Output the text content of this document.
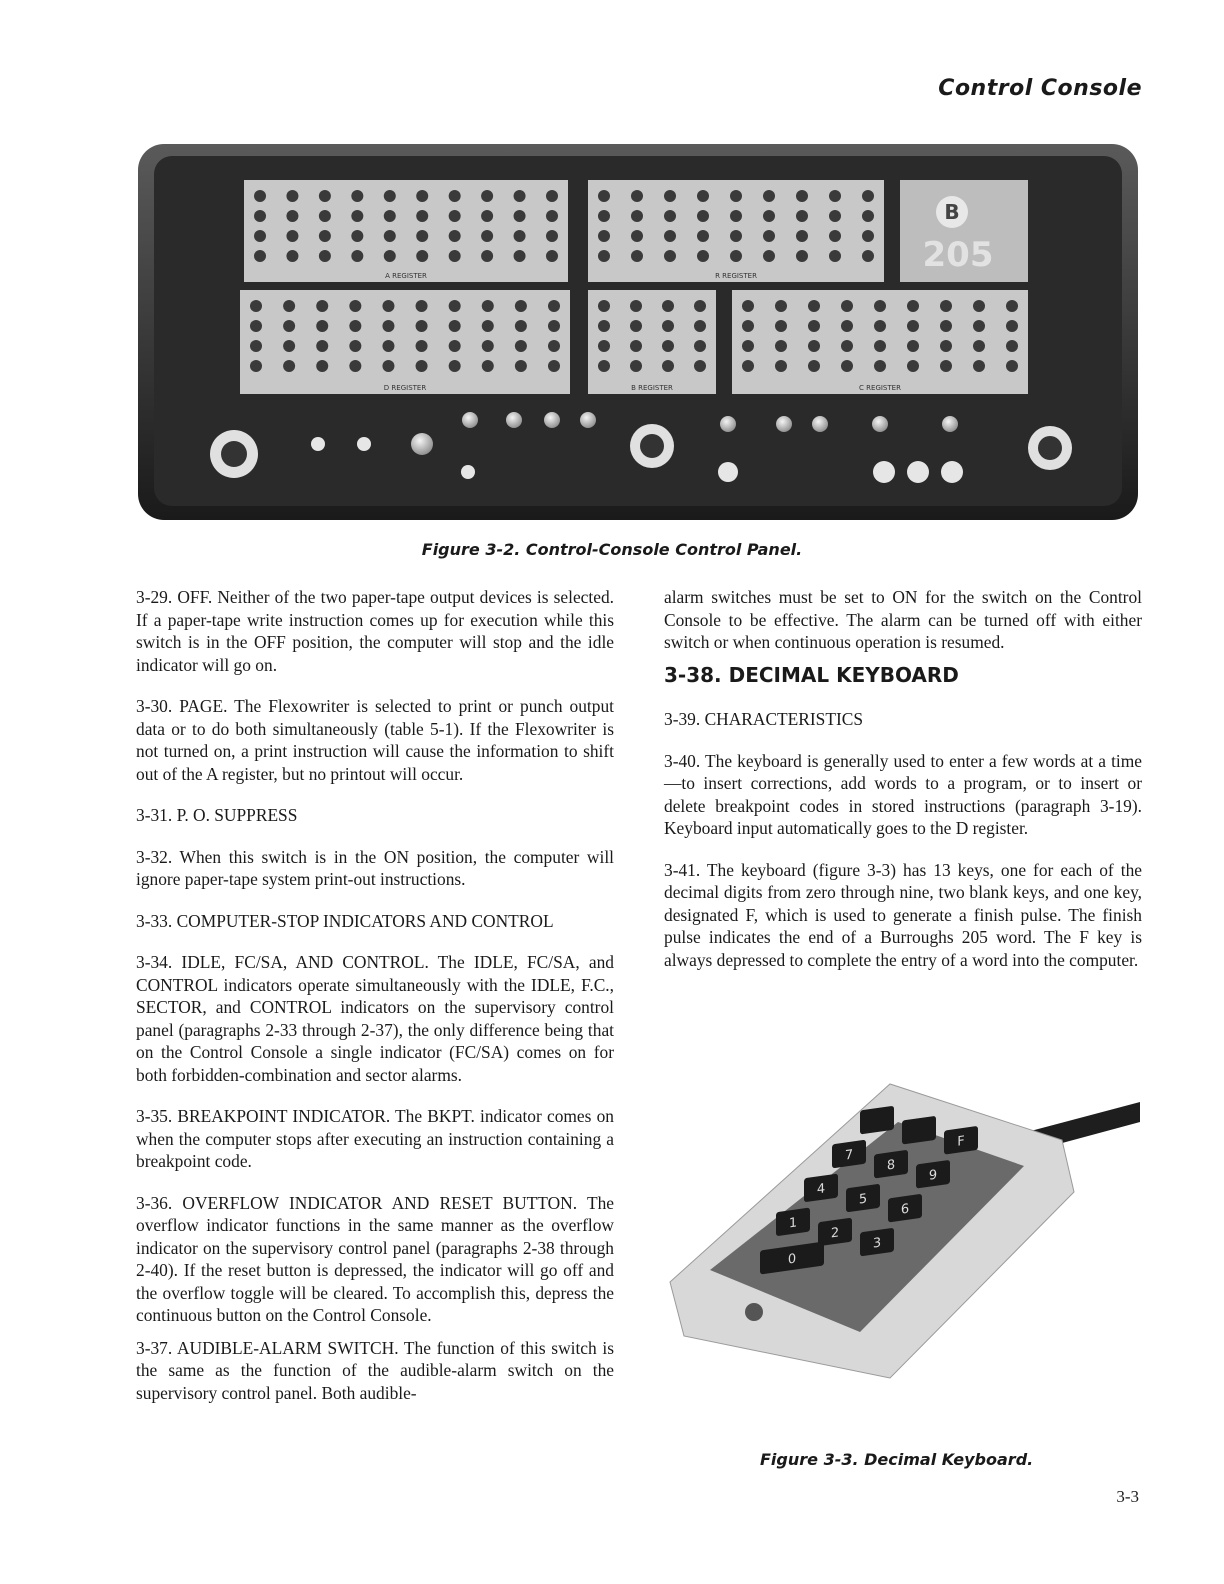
Control Console
A REGISTER	R REGISTER
D REGISTER	B REGISTER	C REGISTER
B
205
Figure 3-2. Control-Console Control Panel.

3-29. OFF. Neither of the two paper-tape output devices is selected. If a paper-tape write instruction comes up for execution while this switch is in the OFF position, the computer will stop and the idle indicator will go on.

3-30. PAGE. The Flexowriter is selected to print or punch output data or to do both simultaneously (table 5-1). If the Flexowriter is not turned on, a print instruction will cause the information to shift out of the A register, but no printout will occur.

3-31. P. O. SUPPRESS

3-32. When this switch is in the ON position, the computer will ignore paper-tape system print-out instructions.

3-33. COMPUTER-STOP INDICATORS AND CONTROL

3-34. IDLE, FC/SA, AND CONTROL. The IDLE, FC/SA, and CONTROL indicators operate simultaneously with the IDLE, F.C., SECTOR, and CONTROL indicators on the supervisory control panel (paragraphs 2-33 through 2-37), the only difference being that on the Control Console a single indicator (FC/SA) comes on for both forbidden-combination and sector alarms.

3-35. BREAKPOINT INDICATOR. The BKPT. indicator comes on when the computer stops after executing an instruction containing a breakpoint code.

3-36. OVERFLOW INDICATOR AND RESET BUTTON. The overflow indicator functions in the same manner as the overflow indicator on the supervisory control panel (paragraphs 2-38 through 2-40). If the reset button is depressed, the indicator will go off and the overflow toggle will be cleared. To accomplish this, depress the continuous button on the Control Console.

3-37. AUDIBLE-ALARM SWITCH. The function of this switch is the same as the function of the audible-alarm switch on the supervisory control panel. Both audible-

alarm switches must be set to ON for the switch on the Control Console to be effective. The alarm can be turned off with either switch or when continuous operation is resumed.

3-38. DECIMAL KEYBOARD

3-39. CHARACTERISTICS

3-40. The keyboard is generally used to enter a few words at a time—to insert corrections, add words to a program, or to insert or delete breakpoint codes in stored instructions (paragraph 3-19). Keyboard input automatically goes to the D register.

3-41. The keyboard (figure 3-3) has 13 keys, one for each of the decimal digits from zero through nine, two blank keys, and one key, designated F, which is used to generate a finish pulse. The finish pulse indicates the end of a Burroughs 205 word. The F key is always depressed to complete the entry of a word into the computer.

F
7
8
9
4
5
6
1
2
3
0
Figure 3-3. Decimal Keyboard.
3-3
